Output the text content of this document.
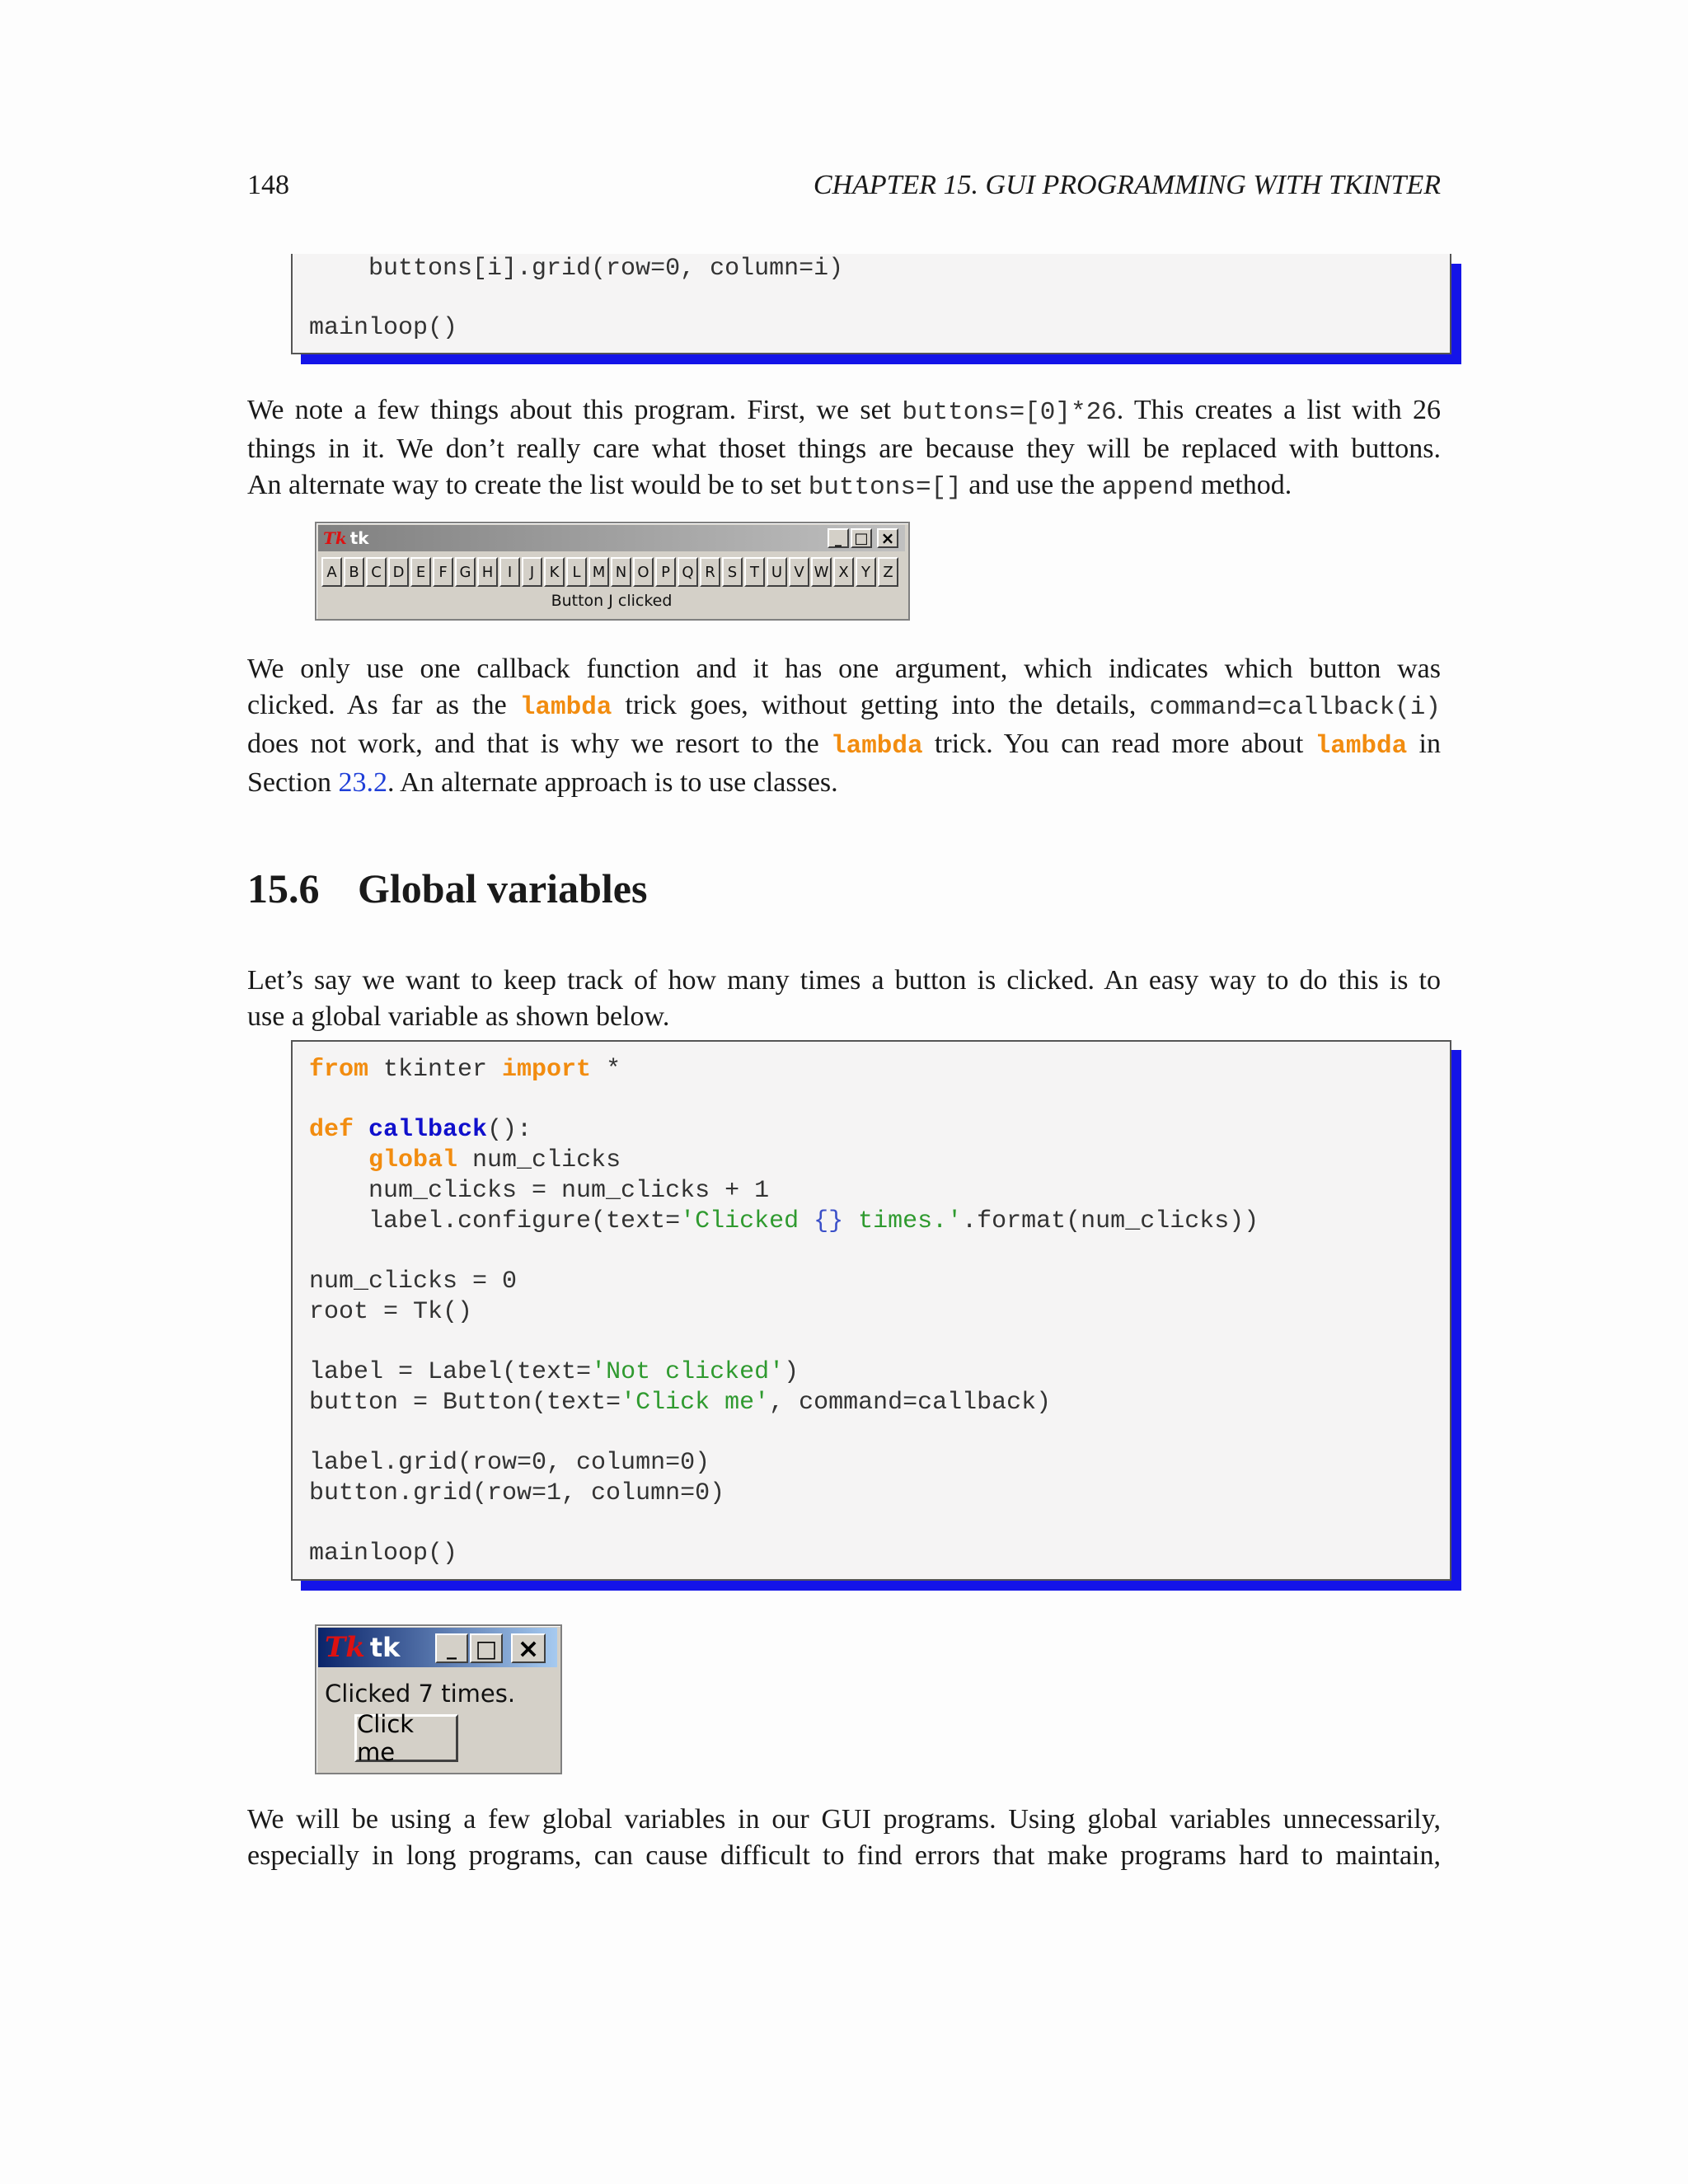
148	CHAPTER 15. GUI PROGRAMMING WITH TKINTER
buttons[i].grid(row=0, column=i)
mainloop()
We note a few things about this program. First, we set buttons=[0]*26. This creates a list with 26
things in it. We don’t really care what thoset things are because they will be replaced with buttons.
An alternate way to create the list would be to set buttons=[] and use the append method.
Tk tk	_ □ ×
A B C D E F G H I	J	K L M N O P Q R S T U V W X Y Z
Button J clicked
We only use one callback function and it has one argument, which indicates which button was
clicked. As far as the lambda trick goes, without getting into the details, command=callback(i)
does not work, and that is why we resort to the lambda trick. You can read more about lambda in
Section 23.2. An alternate approach is to use classes.
15.6 Global variables
Let’s say we want to keep track of how many times a button is clicked. An easy way to do this is to
use a global variable as shown below.
from tkinter import *
def callback():
global num_clicks
num_clicks = num_clicks + 1
label.configure(text='Clicked {} times.'.format(num_clicks))
num_clicks = 0
root = Tk()
label = Label(text='Not clicked')
button = Button(text='Click me', command=callback)
label.grid(row=0, column=0)
button.grid(row=1, column=0)
mainloop()
Tk tk	_ □ ×
Clicked 7 times.
Click me
We will be using a few global variables in our GUI programs. Using global variables unnecessarily,
especially in long programs, can cause difficult to find errors that make programs hard to maintain,
